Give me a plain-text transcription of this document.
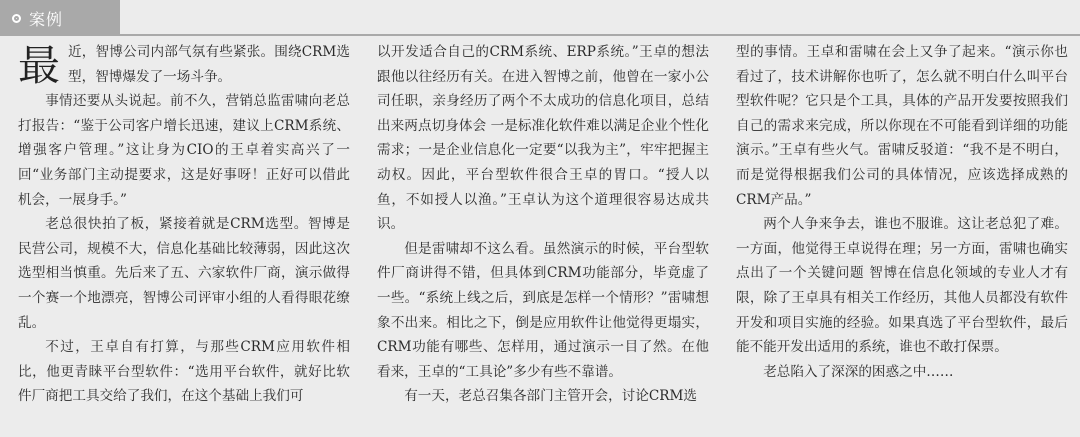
案例

最近，智博公司内部气氛有些紧张。围绕CRM选型，智博爆发了一场斗争。

事情还要从头说起。前不久，营销总监雷啸向老总打报告：“鉴于公司客户增长迅速，建议上CRM系统、增强客户管理。”这让身为CIO的王卓着实高兴了一回“业务部门主动提要求，这是好事呀！正好可以借此机会，一展身手。”

老总很快拍了板，紧接着就是CRM选型。智博是民营公司，规模不大，信息化基础比较薄弱，因此这次选型相当慎重。先后来了五、六家软件厂商，演示做得一个赛一个地漂亮，智博公司评审小组的人看得眼花缭乱。

不过，王卓自有打算，与那些CRM应用软件相比，他更青睐平台型软件：“选用平台软件，就好比软件厂商把工具交给了我们，在这个基础上我们可

以开发适合自己的CRM系统、ERP系统。”王卓的想法跟他以往经历有关。在进入智博之前，他曾在一家小公司任职，亲身经历了两个不太成功的信息化项目，总结出来两点切身体会 一是标准化软件难以满足企业个性化需求；一是企业信息化一定要“以我为主”，牢牢把握主动权。因此，平台型软件很合王卓的胃口。“授人以鱼，不如授人以渔。”王卓认为这个道理很容易达成共识。

但是雷啸却不这么看。虽然演示的时候，平台型软件厂商讲得不错，但具体到CRM功能部分，毕竟虚了一些。“系统上线之后，到底是怎样一个情形？”雷啸想象不出来。相比之下，倒是应用软件让他觉得更塌实，CRM功能有哪些、怎样用，通过演示一目了然。在他看来，王卓的“工具论”多少有些不靠谱。

有一天，老总召集各部门主管开会，讨论CRM选

型的事情。王卓和雷啸在会上又争了起来。“演示你也看过了，技术讲解你也听了，怎么就不明白什么叫平台型软件呢？它只是个工具，具体的产品开发要按照我们自己的需求来完成，所以你现在不可能看到详细的功能演示。”王卓有些火气。雷啸反驳道：“我不是不明白，而是觉得根据我们公司的具体情况，应该选择成熟的CRM产品。”

两个人争来争去，谁也不服谁。这让老总犯了难。一方面，他觉得王卓说得在理；另一方面，雷啸也确实点出了一个关键问题 智博在信息化领域的专业人才有限，除了王卓具有相关工作经历，其他人员都没有软件开发和项目实施的经验。如果真选了平台型软件，最后能不能开发出适用的系统，谁也不敢打保票。

老总陷入了深深的困惑之中……
